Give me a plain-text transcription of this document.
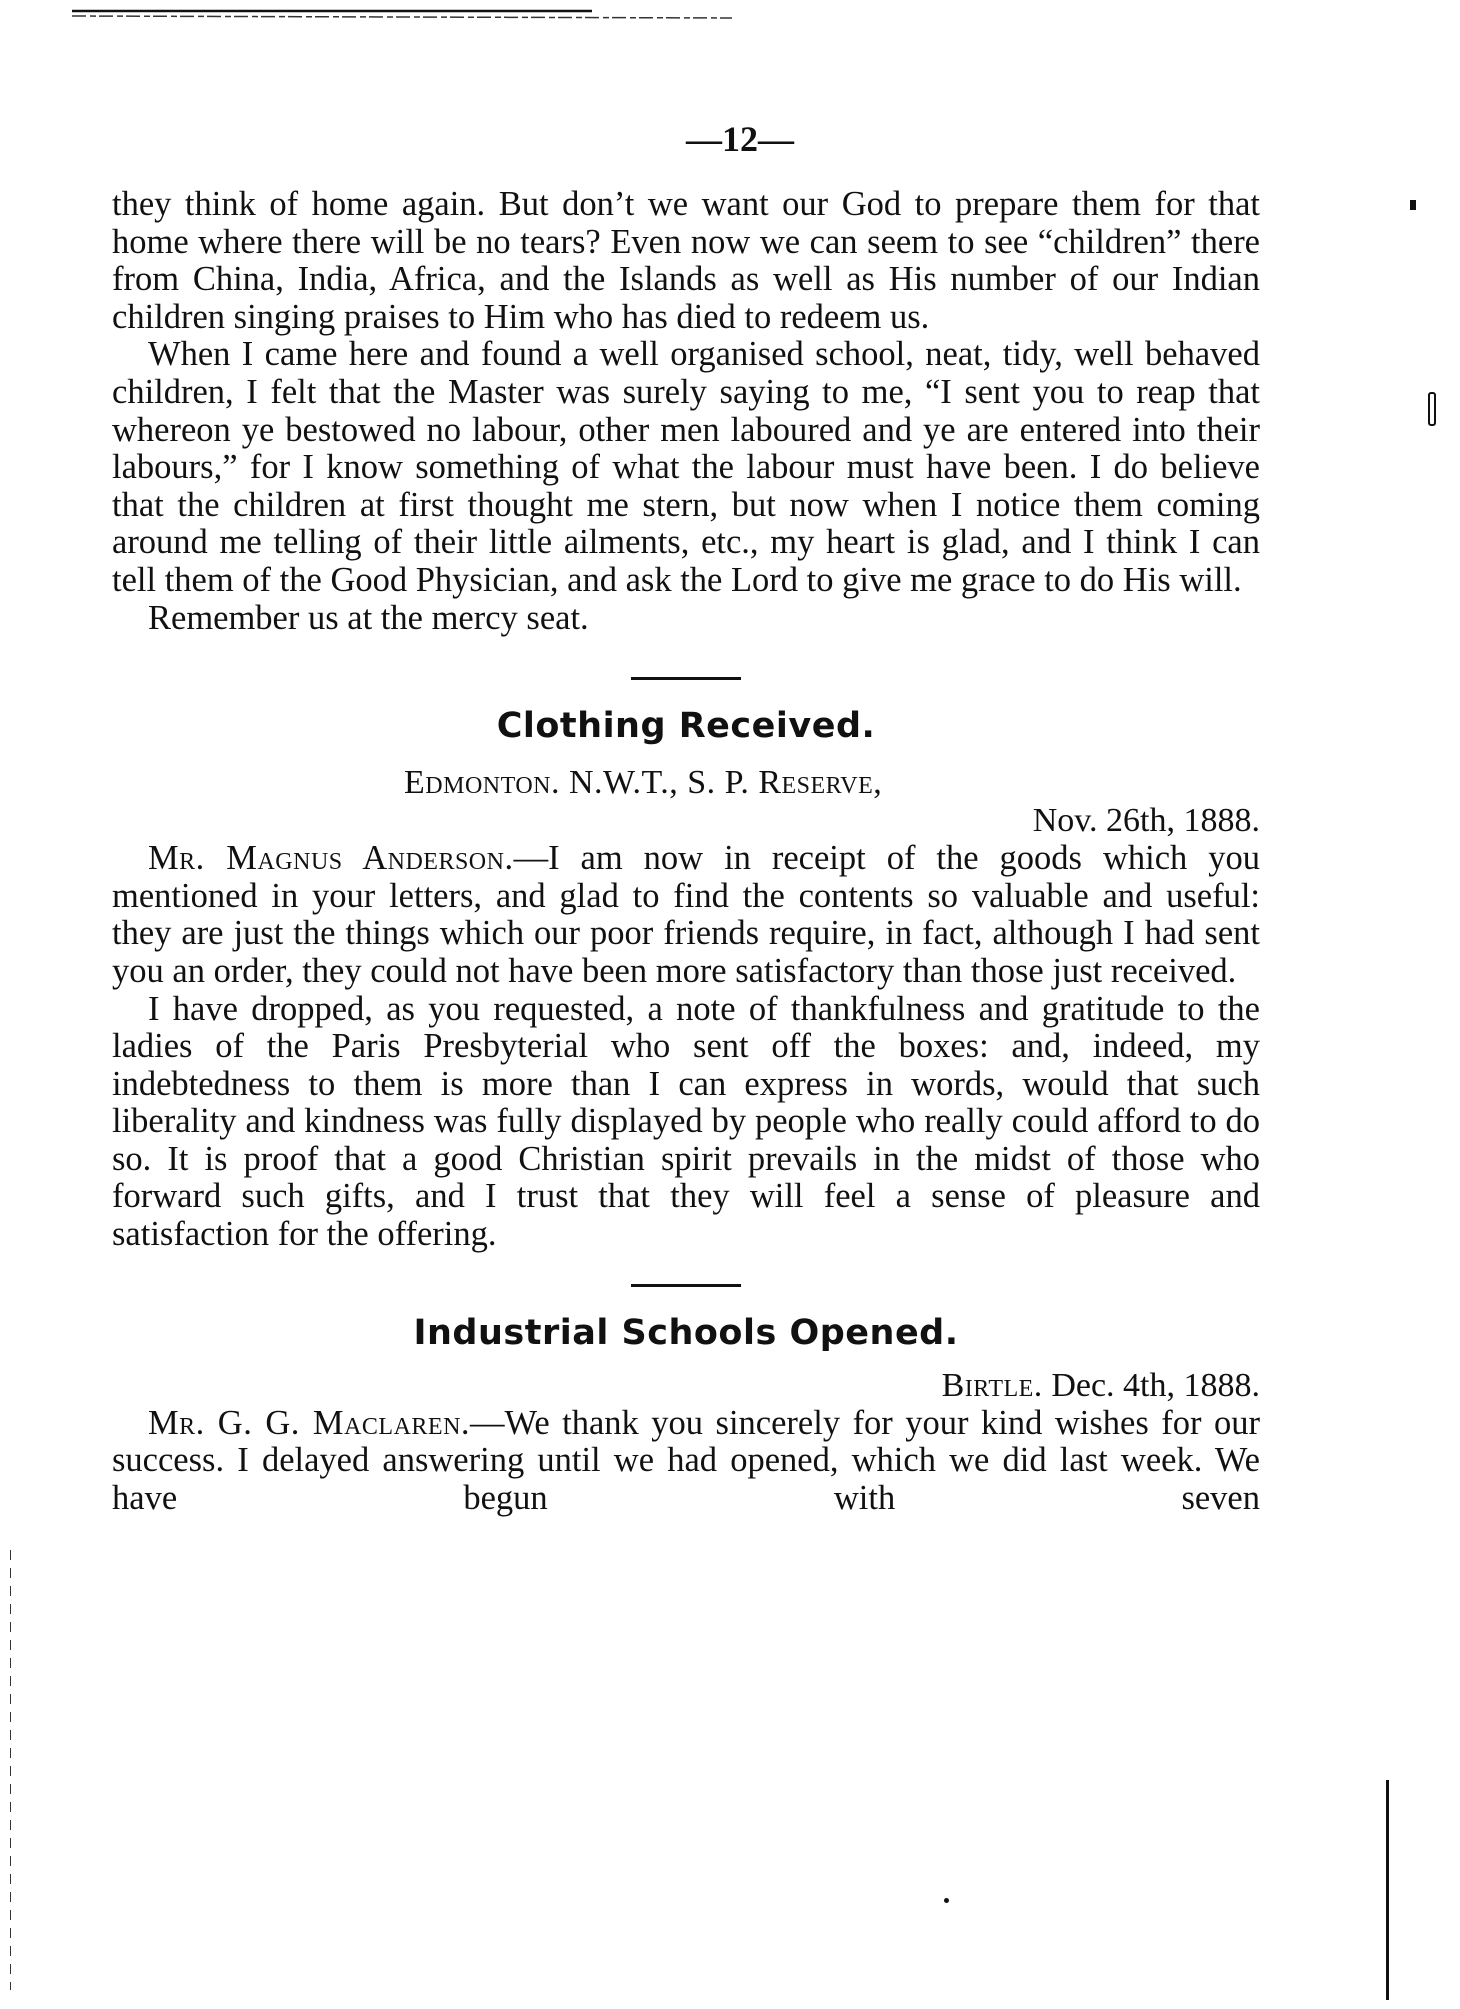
—12—

they think of home again. But don’t we want our God to prepare them for that home where there will be no tears? Even now we can seem to see “children” there from China, India, Africa, and the Islands as well as His number of our Indian children singing praises to Him who has died to redeem us.

When I came here and found a well organised school, neat, tidy, well behaved children, I felt that the Master was surely saying to me, “I sent you to reap that whereon ye bestowed no labour, other men laboured and ye are entered into their labours,” for I know something of what the labour must have been. I do believe that the children at first thought me stern, but now when I notice them coming around me telling of their little ailments, etc., my heart is glad, and I think I can tell them of the Good Physician, and ask the Lord to give me grace to do His will.

Remember us at the mercy seat.

Clothing Received.

Edmonton. N.W.T., S. P. Reserve,

Nov. 26th, 1888.

Mr. Magnus Anderson.—I am now in receipt of the goods which you mentioned in your letters, and glad to find the contents so valuable and useful: they are just the things which our poor friends require, in fact, although I had sent you an order, they could not have been more satisfactory than those just received.

I have dropped, as you requested, a note of thankfulness and gratitude to the ladies of the Paris Presbyterial who sent off the boxes: and, indeed, my indebtedness to them is more than I can express in words, would that such liberality and kindness was fully displayed by people who really could afford to do so. It is proof that a good Christian spirit prevails in the midst of those who forward such gifts, and I trust that they will feel a sense of pleasure and satisfaction for the offering.

Industrial Schools Opened.

Birtle. Dec. 4th, 1888.

Mr. G. G. Maclaren.—We thank you sincerely for your kind wishes for our success. I delayed answering until we had opened, which we did last week. We have begun with seven
